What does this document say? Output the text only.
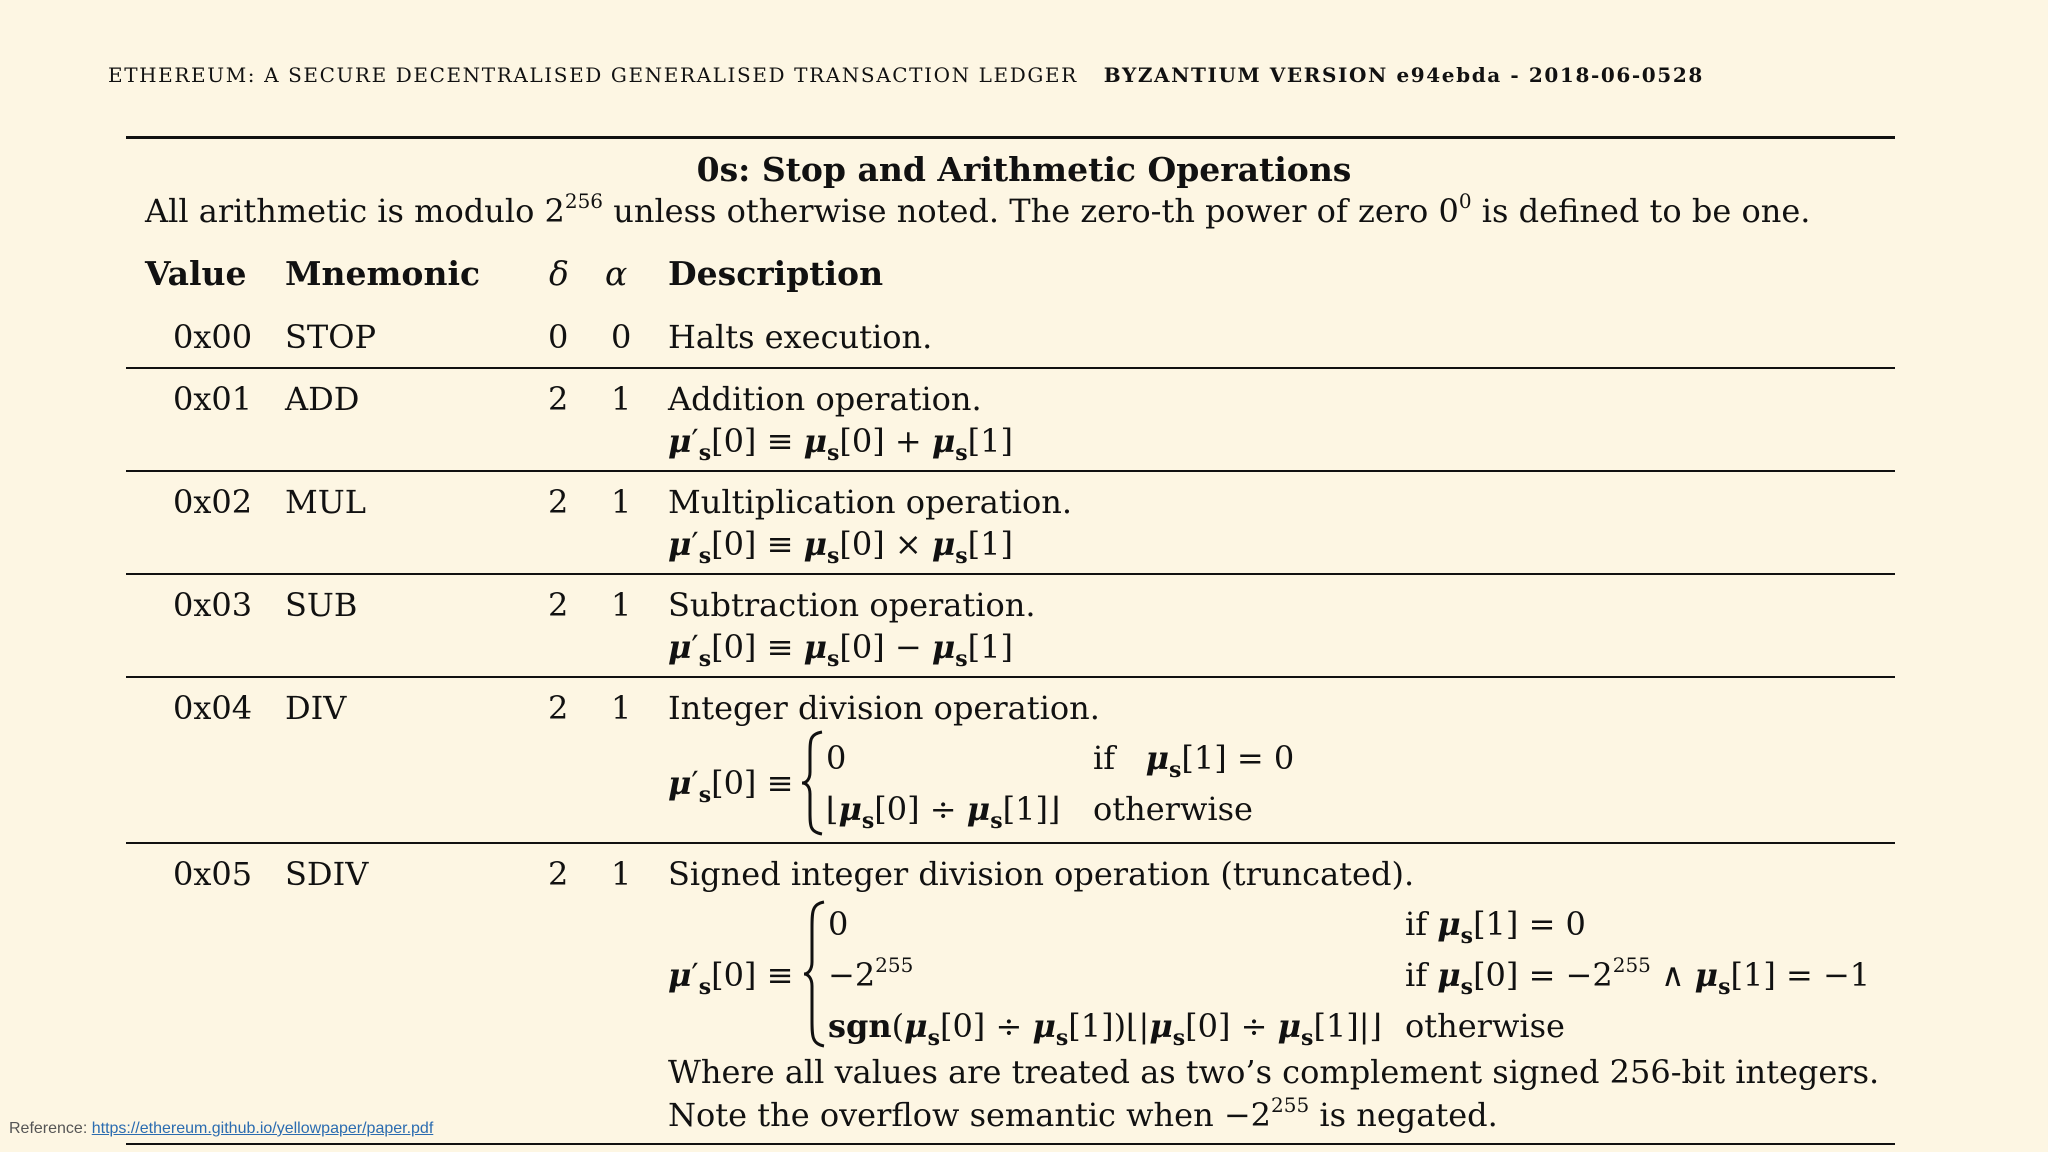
ETHEREUM: A SECURE DECENTRALISED GENERALISED TRANSACTION LEDGER BYZANTIUM VERSION e94ebda - 2018-06-0528
0s: Stop and Arithmetic Operations
All arithmetic is modulo $2^{256}$ unless otherwise noted. The zero-th power of zero $0^0$ is defined to be one.
Value Mnemonic δ α Description
0x00 STOP	0 0 Halts execution.
0x01 ADD	2 1 Addition operation.
$\mu'_s[0] \equiv \mu_s[0] + \mu_s[1]$
0x02 MUL	2 1 Multiplication operation.
$\mu'_s[0] \equiv \mu_s[0] \times \mu_s[1]$
0x03 SUB	2 1 Subtraction operation.
$\mu'_s[0] \equiv \mu_s[0] - \mu_s[1]$
0x04 DIV	2 1 Integer division operation.
$\mu'_s[0]$ ≡
0	if $\mu_s[1] = 0$
$⌊\mu_s[0]$ ÷ $\mu_s[1]⌋$ otherwise
0x05 SDIV	2 1 Signed integer division operation (truncated).
$\mu'_s[0]$ ≡
0	if $\mu_s[1] = 0$
$-2^{255}$	if $\mu_s[0] = -2^{255}$ ∧ $\mu_s[1] = -1$
$sgn(\mu_s[0]$ ÷ $\mu_s[1])⌊|\mu_s[0]$ ÷ $\mu_s[1]|⌋$ otherwise
Where all values are treated as two’s complement signed 256-bit integers.
Note the overflow semantic when $-2^{255}$ is negated.
Reference: https://ethereum.github.io/yellowpaper/paper.pdf
